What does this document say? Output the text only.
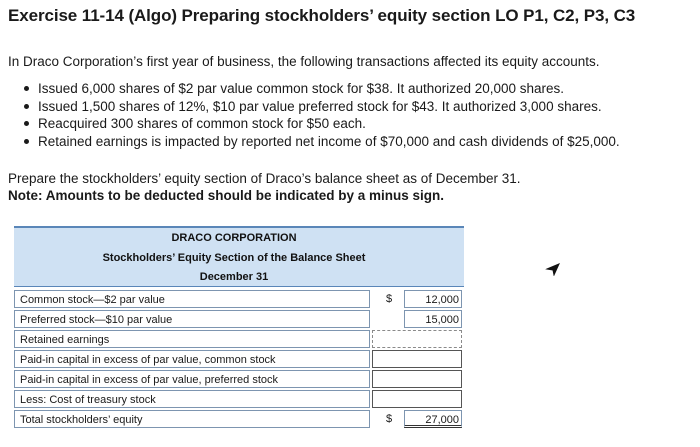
Exercise 11-14 (Algo) Preparing stockholders’ equity section LO P1, C2, P3, C3
In Draco Corporation’s first year of business, the following transactions affected its equity accounts.
Issued 6,000 shares of $2 par value common stock for $38. It authorized 20,000 shares.
Issued 1,500 shares of 12%, $10 par value preferred stock for $43. It authorized 3,000 shares.
Reacquired 300 shares of common stock for $50 each.
Retained earnings is impacted by reported net income of $70,000 and cash dividends of $25,000.
Prepare the stockholders’ equity section of Draco’s balance sheet as of December 31.
Note: Amounts to be deducted should be indicated by a minus sign.
DRACO CORPORATION
Stockholders’ Equity Section of the Balance Sheet
December 31
Common stock—$2 par value	$	12,000
Preferred stock—$10 par value	15,000
Retained earnings
Paid-in capital in excess of par value, common stock
Paid-in capital in excess of par value, preferred stock
Less: Cost of treasury stock
Total stockholders’ equity	$	27,000
